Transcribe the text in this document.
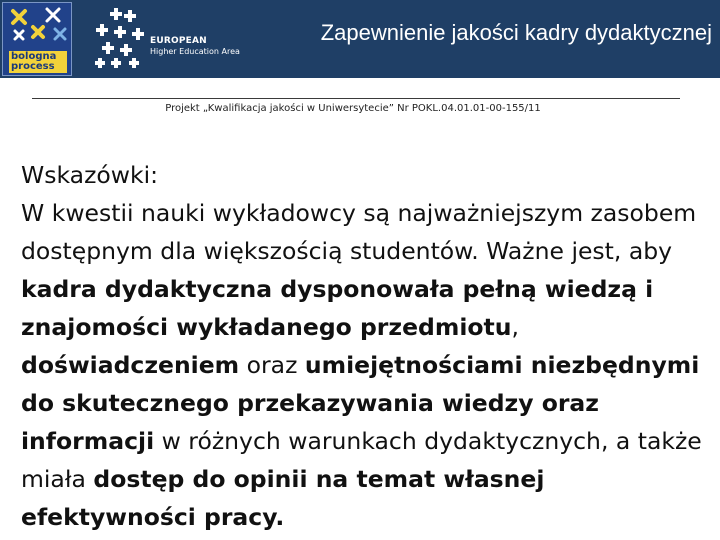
bologna
process
EUROPEAN
Higher Education Area
Zapewnienie jakości kadry dydaktycznej
Projekt „Kwalifikacja jakości w Uniwersytecie” Nr POKL.04.01.01-00-155/11

Wskazówki:

W kwestii nauki wykładowcy są najważniejszym zasobem dostępnym dla większością studentów. Ważne jest, aby kadra dydaktyczna dysponowała pełną wiedzą i znajomości wykładanego przedmiotu, doświadczeniem oraz umiejętnościami niezbędnymi do skutecznego przekazywania wiedzy oraz informacji w różnych warunkach dydaktycznych, a także miała dostęp do opinii na temat własnej efektywności pracy.
